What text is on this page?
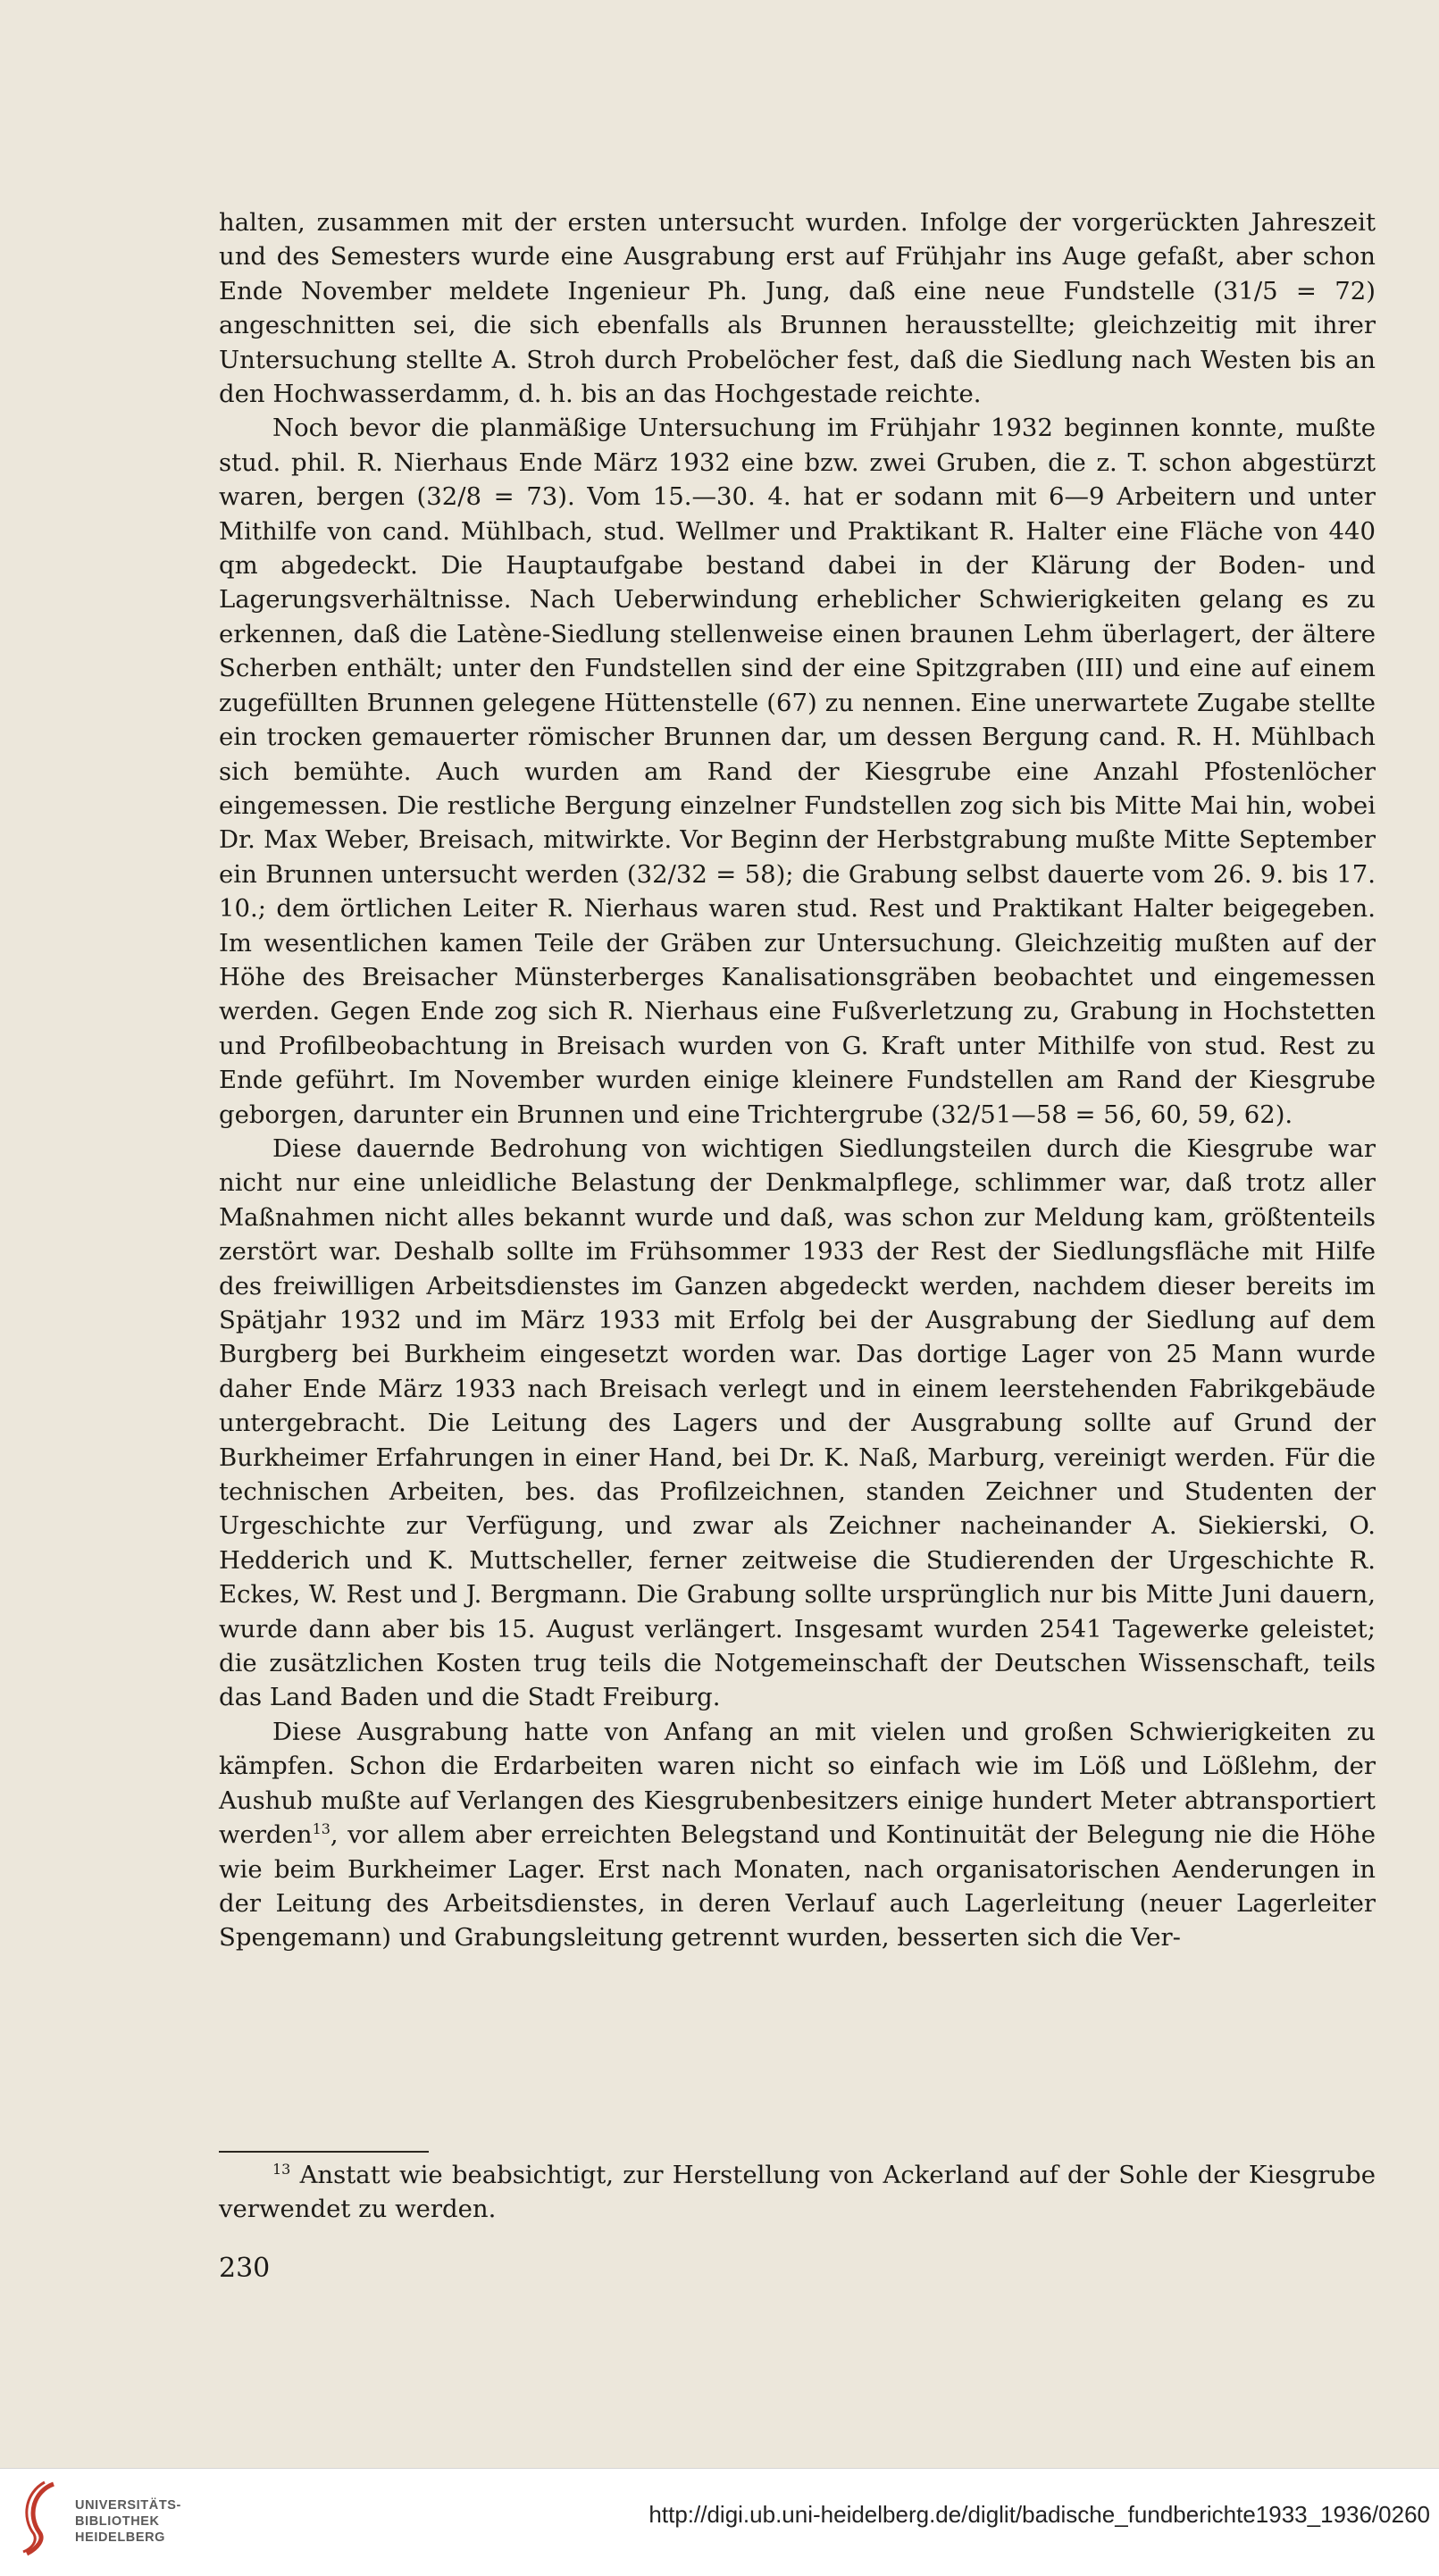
halten, zusammen mit der ersten untersucht wurden. Infolge der vorgerückten Jahreszeit und des Semesters wurde eine Ausgrabung erst auf Frühjahr ins Auge gefaßt, aber schon Ende November meldete Ingenieur Ph. Jung, daß eine neue Fundstelle (31/5 = 72) angeschnitten sei, die sich ebenfalls als Brunnen herausstellte; gleichzeitig mit ihrer Untersuchung stellte A. Stroh durch Probelöcher fest, daß die Siedlung nach Westen bis an den Hochwasserdamm, d. h. bis an das Hochgestade reichte.

Noch bevor die planmäßige Untersuchung im Frühjahr 1932 beginnen konnte, mußte stud. phil. R. Nierhaus Ende März 1932 eine bzw. zwei Gruben, die z. T. schon abgestürzt waren, bergen (32/8 = 73). Vom 15.—30. 4. hat er sodann mit 6—9 Arbeitern und unter Mithilfe von cand. Mühlbach, stud. Wellmer und Praktikant R. Halter eine Fläche von 440 qm abgedeckt. Die Hauptaufgabe bestand dabei in der Klärung der Boden- und Lagerungsverhältnisse. Nach Ueberwindung erheblicher Schwierigkeiten gelang es zu erkennen, daß die Latène-Siedlung stellenweise einen braunen Lehm überlagert, der ältere Scherben enthält; unter den Fundstellen sind der eine Spitzgraben (III) und eine auf einem zugefüllten Brunnen gelegene Hüttenstelle (67) zu nennen. Eine unerwartete Zugabe stellte ein trocken gemauerter römischer Brunnen dar, um dessen Bergung cand. R. H. Mühlbach sich bemühte. Auch wurden am Rand der Kiesgrube eine Anzahl Pfostenlöcher eingemessen. Die restliche Bergung einzelner Fundstellen zog sich bis Mitte Mai hin, wobei Dr. Max Weber, Breisach, mitwirkte. Vor Beginn der Herbstgrabung mußte Mitte September ein Brunnen untersucht werden (32/32 = 58); die Grabung selbst dauerte vom 26. 9. bis 17. 10.; dem örtlichen Leiter R. Nierhaus waren stud. Rest und Praktikant Halter beigegeben. Im wesentlichen kamen Teile der Gräben zur Untersuchung. Gleichzeitig mußten auf der Höhe des Breisacher Münsterberges Kanalisationsgräben beobachtet und eingemessen werden. Gegen Ende zog sich R. Nierhaus eine Fußverletzung zu, Grabung in Hochstetten und Profilbeobachtung in Breisach wurden von G. Kraft unter Mithilfe von stud. Rest zu Ende geführt. Im November wurden einige kleinere Fundstellen am Rand der Kiesgrube geborgen, darunter ein Brunnen und eine Trichtergrube (32/51—58 = 56, 60, 59, 62).

Diese dauernde Bedrohung von wichtigen Siedlungsteilen durch die Kiesgrube war nicht nur eine unleidliche Belastung der Denkmalpflege, schlimmer war, daß trotz aller Maßnahmen nicht alles bekannt wurde und daß, was schon zur Meldung kam, größtenteils zerstört war. Deshalb sollte im Frühsommer 1933 der Rest der Siedlungsfläche mit Hilfe des freiwilligen Arbeitsdienstes im Ganzen abgedeckt werden, nachdem dieser bereits im Spätjahr 1932 und im März 1933 mit Erfolg bei der Ausgrabung der Siedlung auf dem Burgberg bei Burkheim eingesetzt worden war. Das dortige Lager von 25 Mann wurde daher Ende März 1933 nach Breisach verlegt und in einem leerstehenden Fabrikgebäude untergebracht. Die Leitung des Lagers und der Ausgrabung sollte auf Grund der Burkheimer Erfahrungen in einer Hand, bei Dr. K. Naß, Marburg, vereinigt werden. Für die technischen Arbeiten, bes. das Profilzeichnen, standen Zeichner und Studenten der Urgeschichte zur Verfügung, und zwar als Zeichner nacheinander A. Siekierski, O. Hedderich und K. Muttscheller, ferner zeitweise die Studierenden der Urgeschichte R. Eckes, W. Rest und J. Bergmann. Die Grabung sollte ursprünglich nur bis Mitte Juni dauern, wurde dann aber bis 15. August verlängert. Insgesamt wurden 2541 Tagewerke geleistet; die zusätzlichen Kosten trug teils die Notgemeinschaft der Deutschen Wissenschaft, teils das Land Baden und die Stadt Freiburg.

Diese Ausgrabung hatte von Anfang an mit vielen und großen Schwierigkeiten zu kämpfen. Schon die Erdarbeiten waren nicht so einfach wie im Löß und Lößlehm, der Aushub mußte auf Verlangen des Kiesgrubenbesitzers einige hundert Meter abtransportiert werden$^{13}$, vor allem aber erreichten Belegstand und Kontinuität der Belegung nie die Höhe wie beim Burkheimer Lager. Erst nach Monaten, nach organisatorischen Aenderungen in der Leitung des Arbeitsdienstes, in deren Verlauf auch Lagerleitung (neuer Lagerleiter Spengemann) und Grabungsleitung getrennt wurden, besserten sich die Ver-

$^{13}$ Anstatt wie beabsichtigt, zur Herstellung von Ackerland auf der Sohle der Kiesgrube verwendet zu werden.

230
UNIVERSITÄTS-
BIBLIOTHEK
HEIDELBERG
http://digi.ub.uni-heidelberg.de/diglit/badische_fundberichte1933_1936/0260
